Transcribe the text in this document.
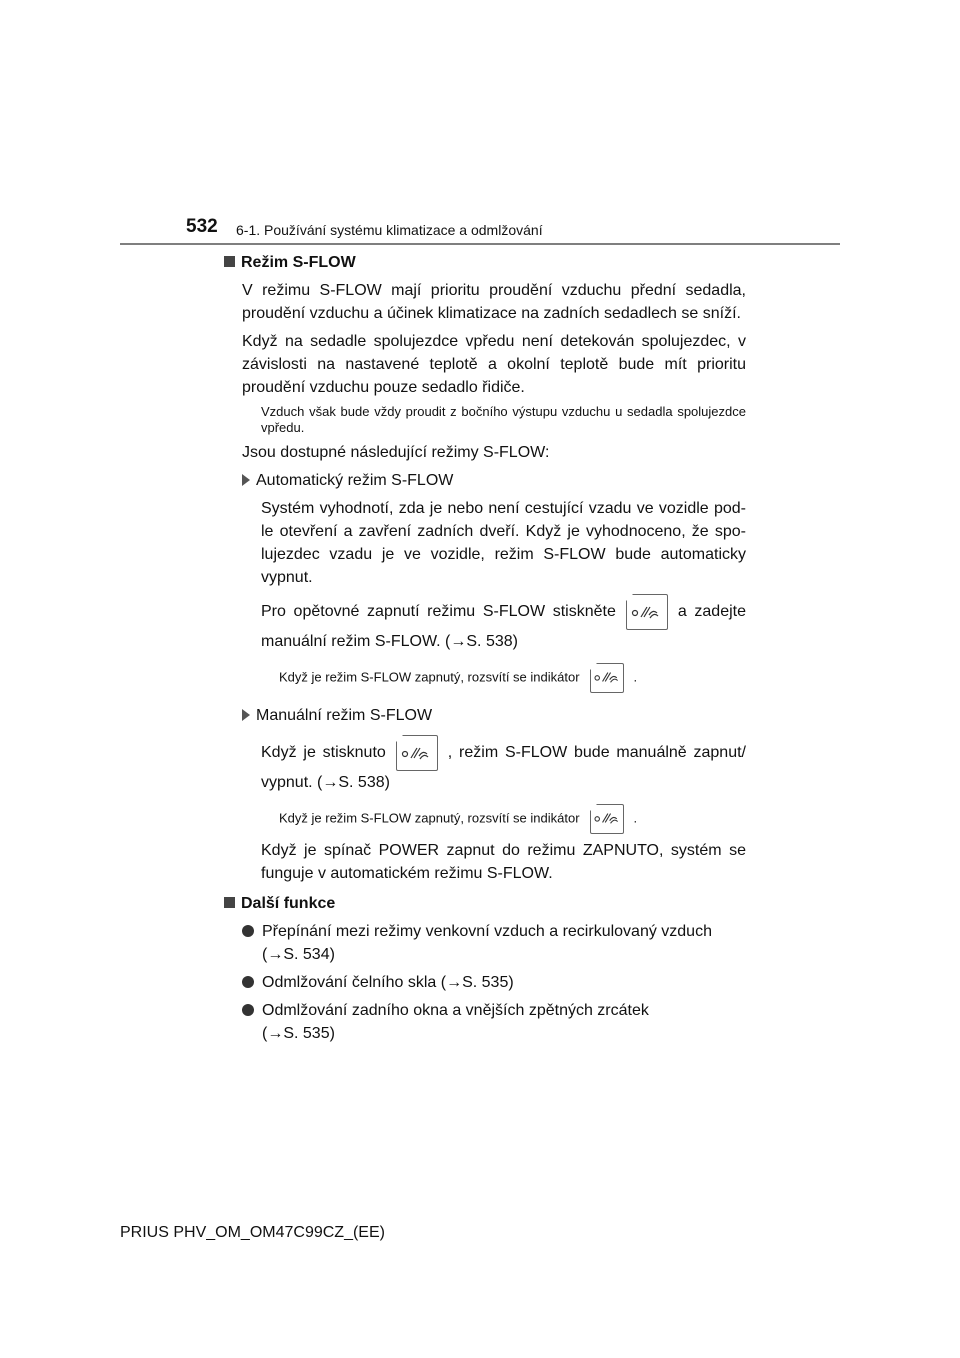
532 6-1. Používání systému klimatizace a odmlžování
Režim S-FLOW

V režimu S-FLOW mají prioritu proudění vzduchu přední sedadla, proudění vzduchu a účinek klimatizace na zadních sedadlech se sníží.

Když na sedadle spolujezdce vpředu není detekován spolujezdec, v závislosti na nastavené teplotě a okolní teplotě bude mít prioritu proudění vzduchu pouze sedadlo řidiče.

Vzduch však bude vždy proudit z bočního výstupu vzduchu u sedadla spolujezdce vpředu.

Jsou dostupné následující režimy S-FLOW:

Automatický režim S-FLOW

Systém vyhodnotí, zda je nebo není cestující vzadu ve vozidle pod-le otevření a zavření zadních dveří. Když je vyhodnoceno, že spo-lujezdec vzadu je ve vozidle, režim S-FLOW bude automaticky vypnut.

Pro opětovné zapnutí režimu S-FLOW stiskněte	a zadejte manuální režim S-FLOW. (→S. 538)

Když je režim S-FLOW zapnutý, rozsvítí se indikátor	.

Manuální režim S-FLOW

Když je stisknuto	, režim S-FLOW bude manuálně zapnut/ vypnut. (→S. 538)

Když je režim S-FLOW zapnutý, rozsvítí se indikátor	.

Když je spínač POWER zapnut do režimu ZAPNUTO, systém se funguje v automatickém režimu S-FLOW.

Další funkce
Přepínání mezi režimy venkovní vzduch a recirkulovaný vzduch
(→S. 534)
Odmlžování čelního skla (→S. 535)
Odmlžování zadního okna a vnějších zpětných zrcátek
(→S. 535)
PRIUS PHV_OM_OM47C99CZ_(EE)
